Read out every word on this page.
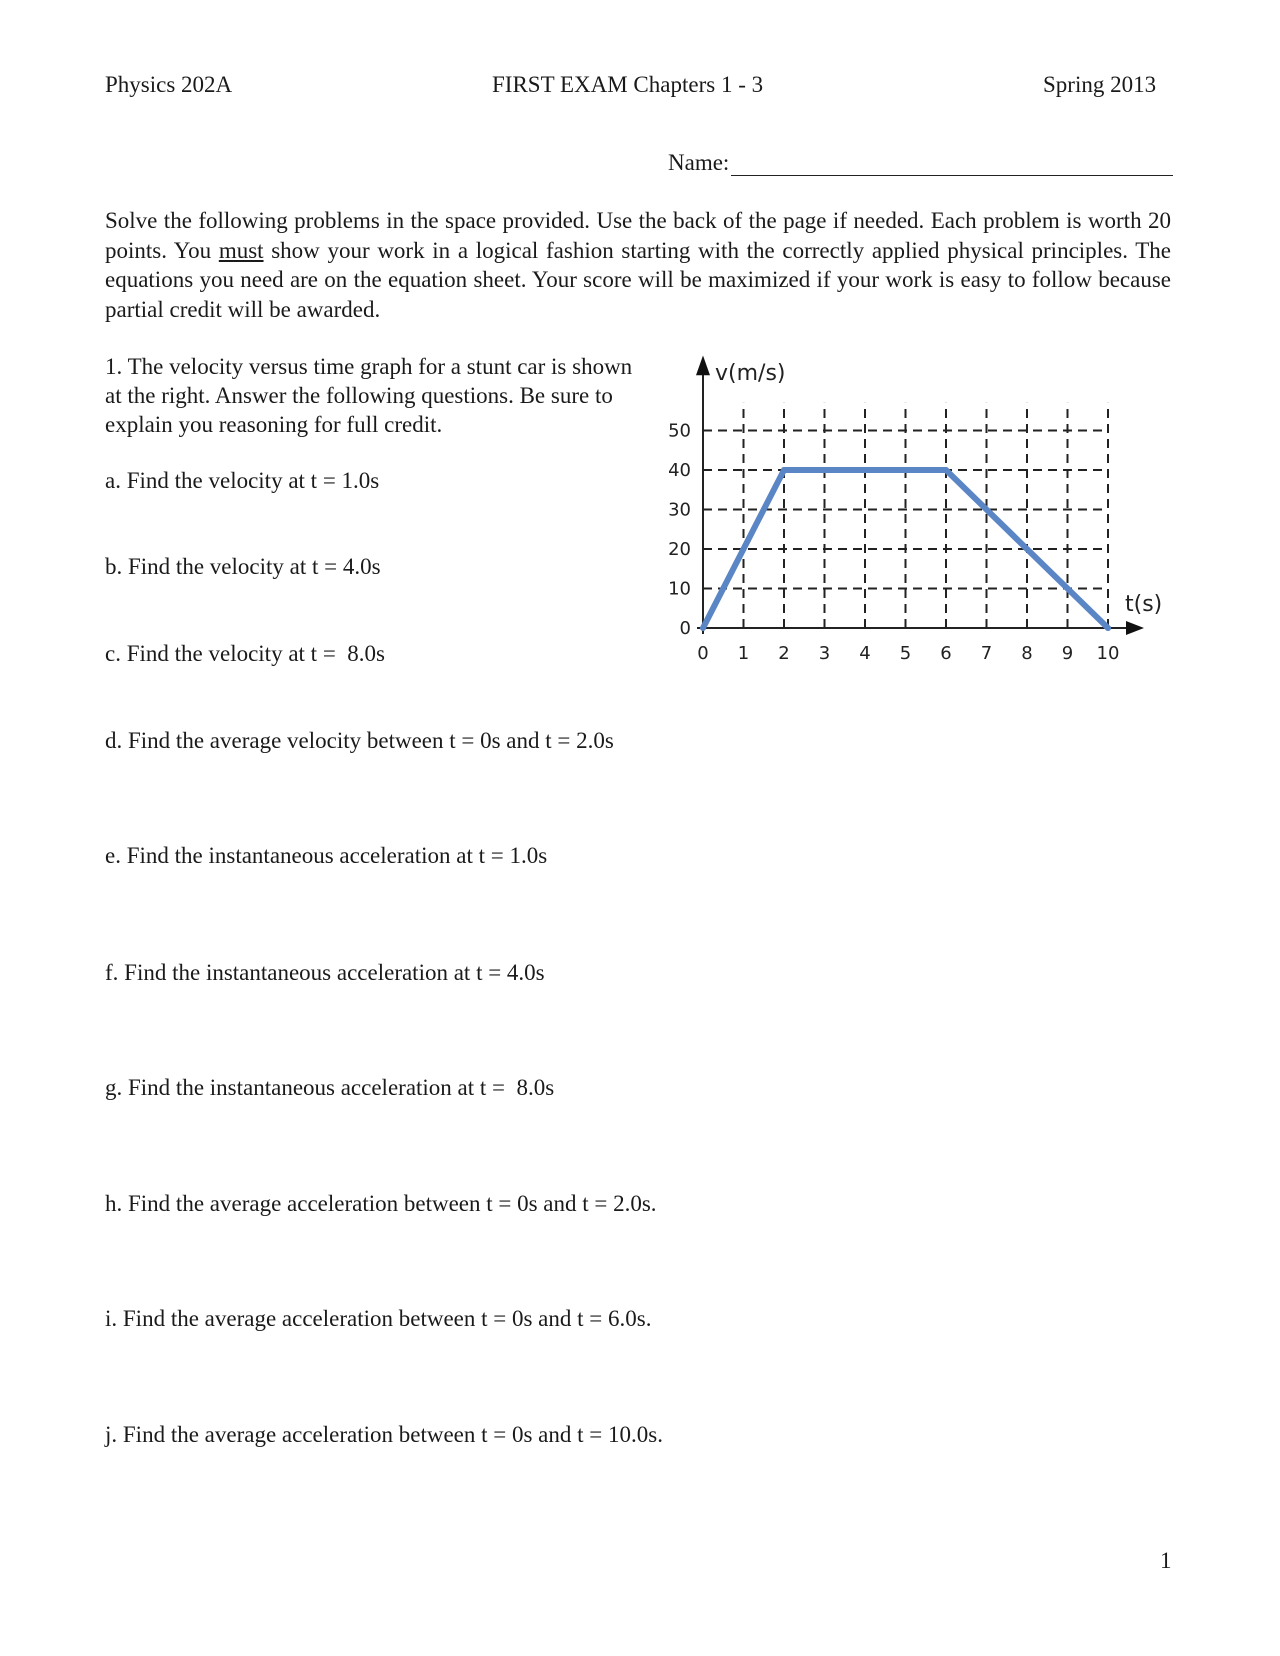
Physics 202A	FIRST EXAM Chapters 1 - 3	Spring 2013
Name:
Solve the following problems in the space provided. Use the back of the page if needed. Each problem is worth 20 points. You must show your work in a logical fashion starting with the correctly applied physical principles. The equations you need are on the equation sheet. Your score will be maximized if your work is easy to follow because partial credit will be awarded.
1. The velocity versus time graph for a stunt car is shown at the right. Answer the following questions. Be sure to explain you reasoning for full credit.
a. Find the velocity at t = 1.0s
b. Find the velocity at t = 4.0s
c. Find the velocity at t =  8.0s
d. Find the average velocity between t = 0s and t = 2.0s
e. Find the instantaneous acceleration at t = 1.0s
f. Find the instantaneous acceleration at t = 4.0s
g. Find the instantaneous acceleration at t =  8.0s
h. Find the average acceleration between t = 0s and t = 2.0s.
i. Find the average acceleration between t = 0s and t = 6.0s.
j. Find the average acceleration between t = 0s and t = 10.0s.
0 1 2 3 4 5 6 7 8 9 10
0
10
20
30
40
50
v(m/s)
t(s)
1
